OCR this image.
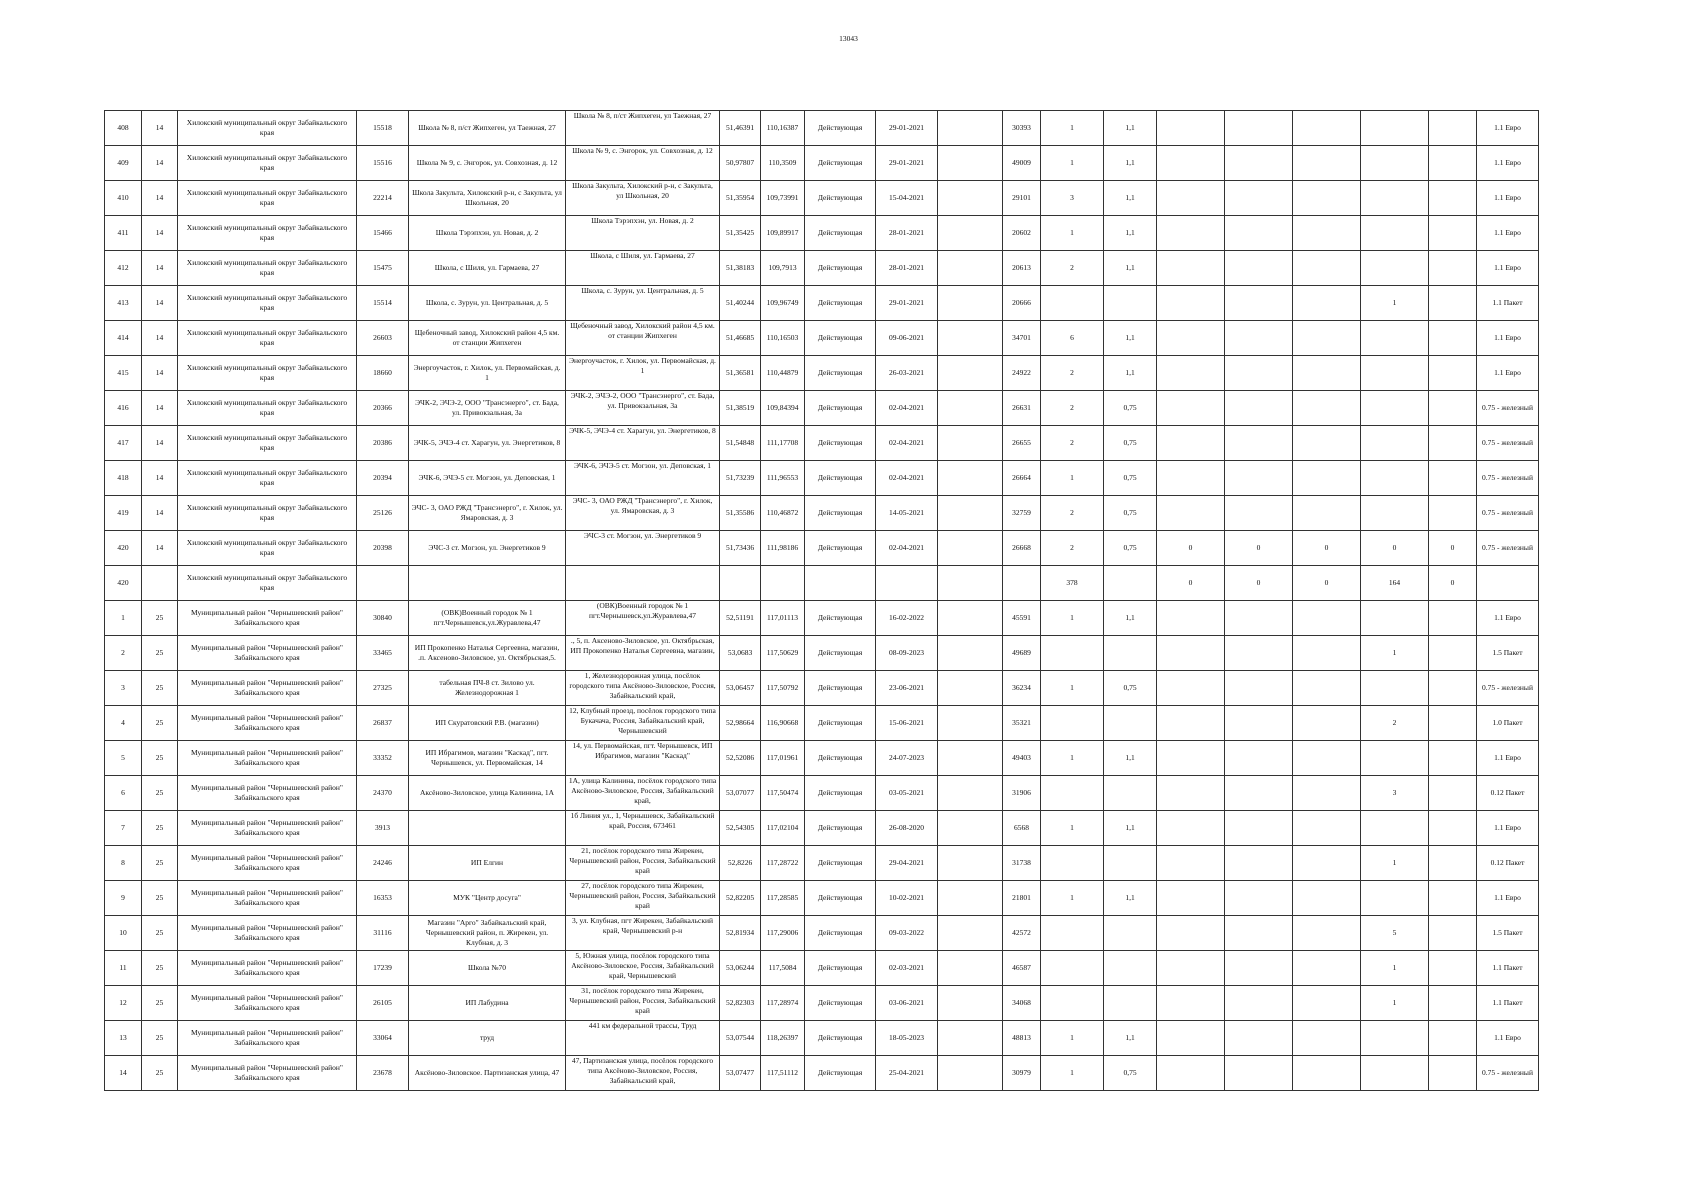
13043
408	14	Хилокский муниципальный округ Забайкальского края	15518	Школа № 8, п/ст Жипхеген, ул Таежная, 27	Школа № 8, п/ст Жипхеген, ул Таежная, 27	51,46391	110,16387	Действующая	29-01-2021		30393	1	1,1						1.1 Евро

409	14	Хилокский муниципальный округ Забайкальского края	15516	Школа № 9, с. Энгорок, ул. Совхозная, д. 12	Школа № 9, с. Энгорок, ул. Совхозная, д. 12	50,97807	110,3509	Действующая	29-01-2021		49009	1	1,1						1.1 Евро

410	14	Хилокский муниципальный округ Забайкальского края	22214	Школа Закульта, Хилокский р-н, с Закульта, ул Школьная, 20	Школа Закульта, Хилокский р-н, с Закульта, ул Школьная, 20	51,35954	109,73991	Действующая	15-04-2021		29101	3	1,1						1.1 Евро

411	14	Хилокский муниципальный округ Забайкальского края	15466	Школа Тэрэпхэн, ул. Новая, д. 2	Школа Тэрэпхэн, ул. Новая, д. 2	51,35425	109,89917	Действующая	28-01-2021		20602	1	1,1						1.1 Евро

412	14	Хилокский муниципальный округ Забайкальского края	15475	Школа, с Шиля, ул. Гармаева, 27	Школа, с Шиля, ул. Гармаева, 27	51,38183	109,7913	Действующая	28-01-2021		20613	2	1,1						1.1 Евро

413	14	Хилокский муниципальный округ Забайкальского края	15514	Школа, с. Зурун, ул. Центральная, д. 5	Школа, с. Зурун, ул. Центральная, д. 5	51,40244	109,96749	Действующая	29-01-2021		20666						1		1.1 Пакет

414	14	Хилокский муниципальный округ Забайкальского края	26603	Щебеночный завод, Хилокский район 4,5 км. от станции Жипхеген	Щебеночный завод, Хилокский район 4,5 км. от станции Жипхеген	51,46685	110,16503	Действующая	09-06-2021		34701	6	1,1						1.1 Евро

415	14	Хилокский муниципальный округ Забайкальского края	18660	Энергоучасток, г. Хилок, ул. Первомайская, д. 1	Энергоучасток, г. Хилок, ул. Первомайская, д. 1	51,36581	110,44879	Действующая	26-03-2021		24922	2	1,1						1.1 Евро

416	14	Хилокский муниципальный округ Забайкальского края	20366	ЭЧК-2, ЭЧЭ-2, ООО "Трансэнерго", ст. Бада, ул. Привокзальная, 3а	ЭЧК-2, ЭЧЭ-2, ООО "Трансэнерго", ст. Бада, ул. Привокзальная, 3а	51,38519	109,84394	Действующая	02-04-2021		26631	2	0,75						0.75 - железный

417	14	Хилокский муниципальный округ Забайкальского края	20386	ЭЧК-5, ЭЧЭ-4 ст. Харагун, ул. Энергетиков, 8	ЭЧК-5, ЭЧЭ-4 ст. Харагун, ул. Энергетиков, 8	51,54848	111,17708	Действующая	02-04-2021		26655	2	0,75						0.75 - железный

418	14	Хилокский муниципальный округ Забайкальского края	20394	ЭЧК-6, ЭЧЭ-5 ст. Могзон, ул. Деповская, 1	ЭЧК-6, ЭЧЭ-5 ст. Могзон, ул. Деповская, 1	51,73239	111,96553	Действующая	02-04-2021		26664	1	0,75						0.75 - железный

419	14	Хилокский муниципальный округ Забайкальского края	25126	ЭЧС- 3, ОАО РЖД "Трансэнерго", г. Хилок, ул. Ямаровская, д. 3	ЭЧС- 3, ОАО РЖД "Трансэнерго", г. Хилок, ул. Ямаровская, д. 3	51,35586	110,46872	Действующая	14-05-2021		32759	2	0,75						0.75 - железный

420	14	Хилокский муниципальный округ Забайкальского края	20398	ЭЧС-3 ст. Могзон, ул. Энергетиков 9	ЭЧС-3 ст. Могзон, ул. Энергетиков 9	51,73436	111,98186	Действующая	02-04-2021		26668	2	0,75	0	0	0	0	0	0.75 - железный

420		Хилокский муниципальный округ Забайкальского края										378		0	0	0	164	0	

1	25	Муниципальный район "Чернышевский район" Забайкальского края	30840	(ОВК)Военный городок № 1 пгт.Чернышевск,ул.Журавлева,47	(ОВК)Военный городок № 1 пгт.Чернышевск,ул.Журавлева,47	52,51191	117,01113	Действующая	16-02-2022		45591	1	1,1						1.1 Евро

2	25	Муниципальный район "Чернышевский район" Забайкальского края	33465	ИП Прокопенко Наталья Сергеевна, магазин, .п. Аксеново-Зиловское, ул. Октябрьская,5.	., 5, п. Аксеново-Зиловское, ул. Октябрьская, ИП Прокопенко Наталья Сергеевна, магазин,	53,0683	117,50629	Действующая	08-09-2023		49689						1		1.5 Пакет

3	25	Муниципальный район "Чернышевский район" Забайкальского края	27325	табельная ПЧ-8 ст. Зилово ул. Железнодорожная 1	1, Железнодорожная улица, посёлок городского типа Аксёново-Зиловское, Россия, Забайкальский край,	53,06457	117,50792	Действующая	23-06-2021		36234	1	0,75						0.75 - железный

4	25	Муниципальный район "Чернышевский район" Забайкальского края	26837	ИП Скуратовский Р.В. (магазин)	12, Клубный проезд, посёлок городского типа Букачача, Россия, Забайкальский край, Чернышевский	52,98664	116,90668	Действующая	15-06-2021		35321						2		1.0 Пакет

5	25	Муниципальный район "Чернышевский район" Забайкальского края	33352	ИП Ибрагимов, магазин "Каскад", пгт. Чернышевск, ул. Первомайская, 14	14, ул. Первомайская, пгт. Чернышевск, ИП Ибрагимов, магазин "Каскад"	52,52086	117,01961	Действующая	24-07-2023		49403	1	1,1						1.1 Евро

6	25	Муниципальный район "Чернышевский район" Забайкальского края	24370	Аксёново-Зиловское, улица Калинина, 1А	1А, улица Калинина, посёлок городского типа Аксёново-Зиловское, Россия, Забайкальский край,	53,07077	117,50474	Действующая	03-05-2021		31906						3		0.12 Пакет

7	25	Муниципальный район "Чернышевский район" Забайкальского края	3913		1б Линия ул., 1, Чернышевск, Забайкальский край, Россия, 673461	52,54305	117,02104	Действующая	26-08-2020		6568	1	1,1						1.1 Евро

8	25	Муниципальный район "Чернышевский район" Забайкальского края	24246	ИП Елгин	21, посёлок городского типа Жирекен, Чернышевский район, Россия, Забайкальский край	52,8226	117,28722	Действующая	29-04-2021		31738						1		0.12 Пакет

9	25	Муниципальный район "Чернышевский район" Забайкальского края	16353	МУК "Центр досуга"	27, посёлок городского типа Жирекен, Чернышевский район, Россия, Забайкальский край	52,82205	117,28585	Действующая	10-02-2021		21801	1	1,1						1.1 Евро

10	25	Муниципальный район "Чернышевский район" Забайкальского края	31116	Магазин "Арго" Забайкальский край, Чернышевский район, п. Жирекен, ул. Клубная, д. 3	3, ул. Клубная, пгт Жирекен, Забайкальский край, Чернышевский р-н	52,81934	117,29006	Действующая	09-03-2022		42572						5		1.5 Пакет

11	25	Муниципальный район "Чернышевский район" Забайкальского края	17239	Школа №70	5, Южная улица, посёлок городского типа Аксёново-Зиловское, Россия, Забайкальский край, Чернышевский	53,06244	117,5084	Действующая	02-03-2021		46587						1		1.1 Пакет

12	25	Муниципальный район "Чернышевский район" Забайкальского края	26105	ИП Лабудина	31, посёлок городского типа Жирекен, Чернышевский район, Россия, Забайкальский край	52,82303	117,28974	Действующая	03-06-2021		34068						1		1.1 Пакет

13	25	Муниципальный район "Чернышевский район" Забайкальского края	33064	труд	441 км федеральной трассы, Труд	53,07544	118,26397	Действующая	18-05-2023		48813	1	1,1						1.1 Евро

14	25	Муниципальный район "Чернышевский район" Забайкальского края	23678	Аксёново-Зиловское. Партизанская улица, 47	47, Партизанская улица, посёлок городского типа Аксёново-Зиловское, Россия, Забайкальский край,	53,07477	117,51112	Действующая	25-04-2021		30979	1	0,75						0.75 - железный
